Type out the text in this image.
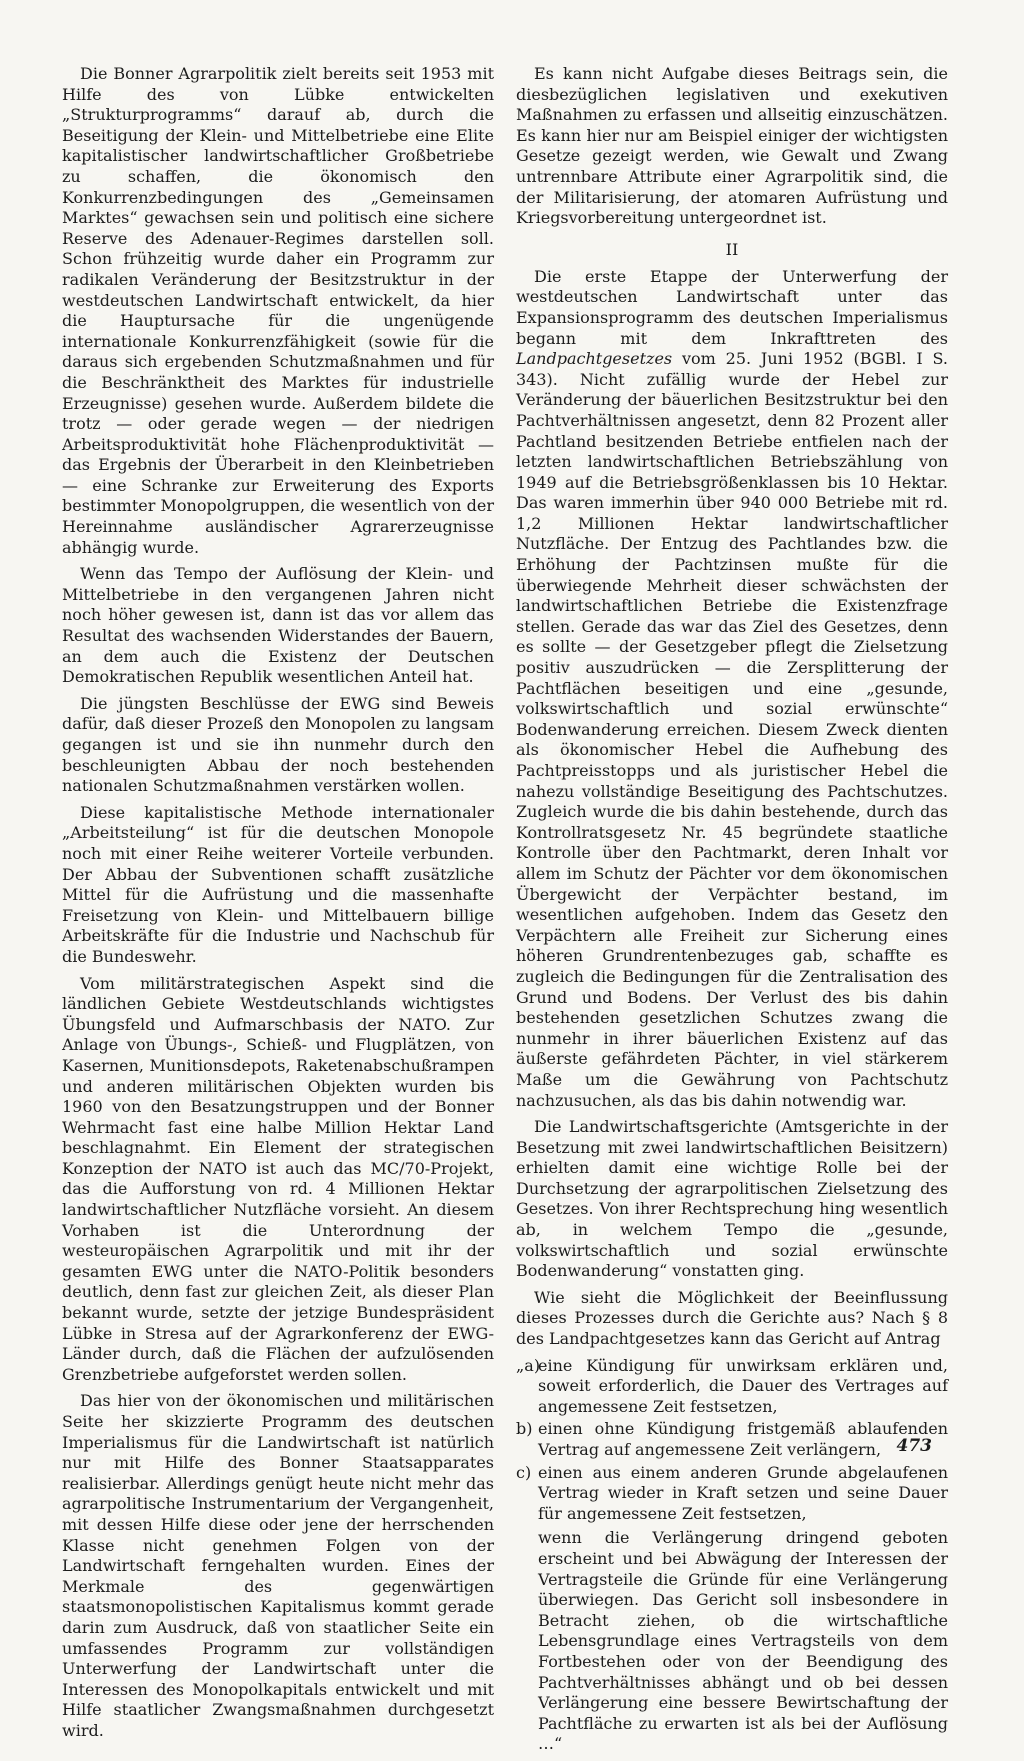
Die Bonner Agrarpolitik zielt bereits seit 1953 mit Hilfe des von Lübke entwickelten „Strukturprogramms“ darauf ab, durch die Beseitigung der Klein- und Mittelbetriebe eine Elite kapitalistischer landwirtschaftlicher Großbetriebe zu schaffen, die ökonomisch den Konkurrenzbedingungen des „Gemeinsamen Marktes“ gewachsen sein und politisch eine sichere Reserve des Adenauer-Regimes darstellen soll. Schon frühzeitig wurde daher ein Programm zur radikalen Veränderung der Besitzstruktur in der westdeutschen Landwirtschaft entwickelt, da hier die Hauptursache für die ungenügende internationale Konkurrenzfähigkeit (sowie für die daraus sich ergebenden Schutzmaßnahmen und für die Beschränktheit des Marktes für industrielle Erzeugnisse) gesehen wurde. Außerdem bildete die trotz — oder gerade wegen — der niedrigen Arbeitsproduktivität hohe Flächenproduktivität — das Ergebnis der Überarbeit in den Kleinbetrieben — eine Schranke zur Erweiterung des Exports bestimmter Monopolgruppen, die wesentlich von der Hereinnahme ausländischer Agrarerzeugnisse abhängig wurde.

Wenn das Tempo der Auflösung der Klein- und Mittelbetriebe in den vergangenen Jahren nicht noch höher gewesen ist, dann ist das vor allem das Resultat des wachsenden Widerstandes der Bauern, an dem auch die Existenz der Deutschen Demokratischen Republik wesentlichen Anteil hat.

Die jüngsten Beschlüsse der EWG sind Beweis dafür, daß dieser Prozeß den Monopolen zu langsam gegangen ist und sie ihn nunmehr durch den beschleunigten Abbau der noch bestehenden nationalen Schutzmaßnahmen verstärken wollen.

Diese kapitalistische Methode internationaler „Arbeitsteilung“ ist für die deutschen Monopole noch mit einer Reihe weiterer Vorteile verbunden. Der Abbau der Subventionen schafft zusätzliche Mittel für die Aufrüstung und die massenhafte Freisetzung von Klein- und Mittelbauern billige Arbeitskräfte für die Industrie und Nachschub für die Bundeswehr.

Vom militärstrategischen Aspekt sind die ländlichen Gebiete Westdeutschlands wichtigstes Übungsfeld und Aufmarschbasis der NATO. Zur Anlage von Übungs-, Schieß- und Flugplätzen, von Kasernen, Munitionsdepots, Raketenabschußrampen und anderen militärischen Objekten wurden bis 1960 von den Besatzungstruppen und der Bonner Wehrmacht fast eine halbe Million Hektar Land beschlagnahmt. Ein Element der strategischen Konzeption der NATO ist auch das MC/70-Projekt, das die Aufforstung von rd. 4 Millionen Hektar landwirtschaftlicher Nutzfläche vorsieht. An diesem Vorhaben ist die Unterordnung der westeuropäischen Agrarpolitik und mit ihr der gesamten EWG unter die NATO-Politik besonders deutlich, denn fast zur gleichen Zeit, als dieser Plan bekannt wurde, setzte der jetzige Bundespräsident Lübke in Stresa auf der Agrarkonferenz der EWG-Länder durch, daß die Flächen der aufzulösenden Grenzbetriebe aufgeforstet werden sollen.

Das hier von der ökonomischen und militärischen Seite her skizzierte Programm des deutschen Imperialismus für die Landwirtschaft ist natürlich nur mit Hilfe des Bonner Staatsapparates realisierbar. Allerdings genügt heute nicht mehr das agrarpolitische Instrumentarium der Vergangenheit, mit dessen Hilfe diese oder jene der herrschenden Klasse nicht genehmen Folgen von der Landwirtschaft ferngehalten wurden. Eines der Merkmale des gegenwärtigen staatsmonopolistischen Kapitalismus kommt gerade darin zum Ausdruck, daß von staatlicher Seite ein umfassendes Programm zur vollständigen Unterwerfung der Landwirtschaft unter die Interessen des Monopolkapitals entwickelt und mit Hilfe staatlicher Zwangsmaßnahmen durchgesetzt wird.

Es kann nicht Aufgabe dieses Beitrags sein, die diesbezüglichen legislativen und exekutiven Maßnahmen zu erfassen und allseitig einzuschätzen. Es kann hier nur am Beispiel einiger der wichtigsten Gesetze gezeigt werden, wie Gewalt und Zwang untrennbare Attribute einer Agrarpolitik sind, die der Militarisierung, der atomaren Aufrüstung und Kriegsvorbereitung untergeordnet ist.

II

Die erste Etappe der Unterwerfung der westdeutschen Landwirtschaft unter das Expansionsprogramm des deutschen Imperialismus begann mit dem Inkrafttreten des Landpachtgesetzes vom 25. Juni 1952 (BGBl. I S. 343). Nicht zufällig wurde der Hebel zur Veränderung der bäuerlichen Besitzstruktur bei den Pachtverhältnissen angesetzt, denn 82 Prozent aller Pachtland besitzenden Betriebe entfielen nach der letzten landwirtschaftlichen Betriebszählung von 1949 auf die Betriebsgrößenklassen bis 10 Hektar. Das waren immerhin über 940 000 Betriebe mit rd. 1,2 Millionen Hektar landwirtschaftlicher Nutzfläche. Der Entzug des Pachtlandes bzw. die Erhöhung der Pachtzinsen mußte für die überwiegende Mehrheit dieser schwächsten der landwirtschaftlichen Betriebe die Existenzfrage stellen. Gerade das war das Ziel des Gesetzes, denn es sollte — der Gesetzgeber pflegt die Zielsetzung positiv auszudrücken — die Zersplitterung der Pachtflächen beseitigen und eine „gesunde, volkswirtschaftlich und sozial erwünschte“ Bodenwanderung erreichen. Diesem Zweck dienten als ökonomischer Hebel die Aufhebung des Pachtpreisstopps und als juristischer Hebel die nahezu vollständige Beseitigung des Pachtschutzes. Zugleich wurde die bis dahin bestehende, durch das Kontrollratsgesetz Nr. 45 begründete staatliche Kontrolle über den Pachtmarkt, deren Inhalt vor allem im Schutz der Pächter vor dem ökonomischen Übergewicht der Verpächter bestand, im wesentlichen aufgehoben. Indem das Gesetz den Verpächtern alle Freiheit zur Sicherung eines höheren Grundrentenbezuges gab, schaffte es zugleich die Bedingungen für die Zentralisation des Grund und Bodens. Der Verlust des bis dahin bestehenden gesetzlichen Schutzes zwang die nunmehr in ihrer bäuerlichen Existenz auf das äußerste gefährdeten Pächter, in viel stärkerem Maße um die Gewährung von Pachtschutz nachzusuchen, als das bis dahin notwendig war.

Die Landwirtschaftsgerichte (Amtsgerichte in der Besetzung mit zwei landwirtschaftlichen Beisitzern) erhielten damit eine wichtige Rolle bei der Durchsetzung der agrarpolitischen Zielsetzung des Gesetzes. Von ihrer Rechtsprechung hing wesentlich ab, in welchem Tempo die „gesunde, volkswirtschaftlich und sozial erwünschte Bodenwanderung“ vonstatten ging.

Wie sieht die Möglichkeit der Beeinflussung dieses Prozesses durch die Gerichte aus? Nach § 8 des Landpachtgesetzes kann das Gericht auf Antrag

„a)
eine Kündigung für unwirksam erklären und, soweit erforderlich, die Dauer des Vertrages auf angemessene Zeit festsetzen,
b) einen ohne Kündigung fristgemäß ablaufenden Vertrag auf angemessene Zeit verlängern,
c) einen aus einem anderen Grunde abgelaufenen Vertrag wieder in Kraft setzen und seine Dauer für angemessene Zeit festsetzen,

wenn die Verlängerung dringend geboten erscheint und bei Abwägung der Interessen der Vertragsteile die Gründe für eine Verlängerung überwiegen. Das Gericht soll insbesondere in Betracht ziehen, ob die wirtschaftliche Lebensgrundlage eines Vertragsteils von dem Fortbestehen oder von der Beendigung des Pachtverhältnisses abhängt und ob bei dessen Verlängerung eine bessere Bewirtschaftung der Pachtfläche zu erwarten ist als bei der Auflösung …“

473
